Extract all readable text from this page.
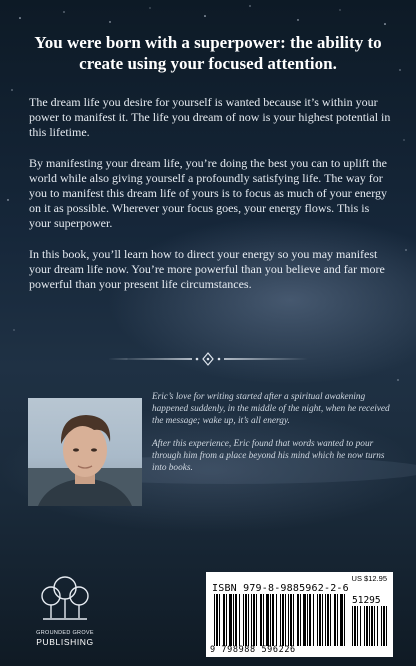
You were born with a superpower: the ability to create using your focused attention.

The dream life you desire for yourself is wanted because it’s within your power to manifest it. The life you dream of now is your highest potential in this lifetime.

By manifesting your dream life, you’re doing the best you can to uplift the world while also giving yourself a profoundly satisfying life. The way for you to manifest this dream life of yours is to focus as much of your energy on it as possible. Wherever your focus goes, your energy flows. This is your superpower.

In this book, you’ll learn how to direct your energy so you may manifest your dream life now. You’re more powerful than you believe and far more powerful than your present life circumstances.

Eric’s love for writing started after a spiritual awakening happened suddenly, in the middle of the night, when he received the message; wake up, it’s all energy.

After this experience, Eric found that words wanted to pour through him from a place beyond his mind which he now turns into books.

GROUNDED GROVE
PUBLISHING
US $12.95
ISBN 979-8-9885962-2-6
51295
9 798988 596226
